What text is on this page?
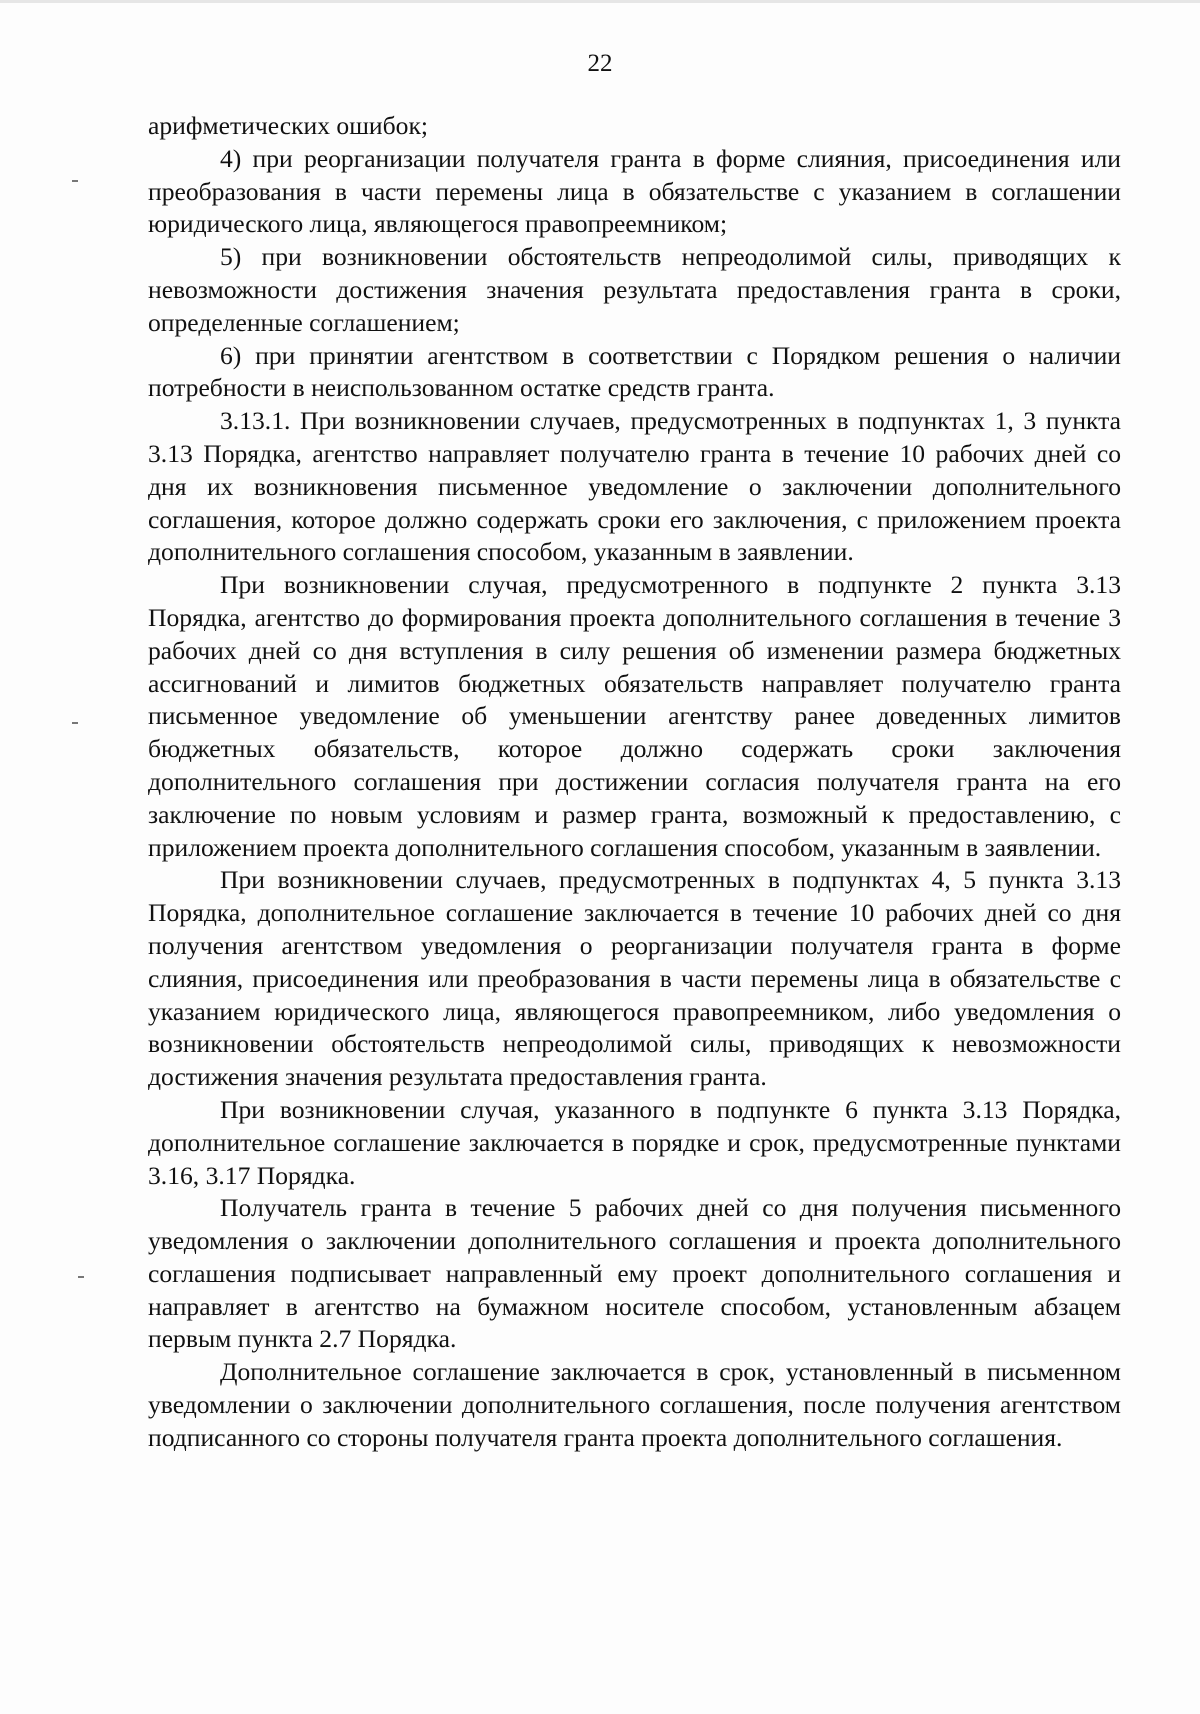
22

арифметических ошибок;

4) при реорганизации получателя гранта в форме слияния, присоединения или преобразования в части перемены лица в обязательстве с указанием в соглашении юридического лица, являющегося правопреемником;

5) при возникновении обстоятельств непреодолимой силы, приводящих к невозможности достижения значения результата предоставления гранта в сроки, определенные соглашением;

6) при принятии агентством в соответствии с Порядком решения о наличии потребности в неиспользованном остатке средств гранта.

3.13.1. При возникновении случаев, предусмотренных в подпунктах 1, 3 пункта 3.13 Порядка, агентство направляет получателю гранта в течение 10 рабочих дней со дня их возникновения письменное уведомление о заключении дополнительного соглашения, которое должно содержать сроки его заключения, с приложением проекта дополнительного соглашения способом, указанным в заявлении.

При возникновении случая, предусмотренного в подпункте 2 пункта 3.13 Порядка, агентство до формирования проекта дополнительного соглашения в течение 3 рабочих дней со дня вступления в силу решения об изменении размера бюджетных ассигнований и лимитов бюджетных обязательств направляет получателю гранта письменное уведомление об уменьшении агентству ранее доведенных лимитов бюджетных обязательств, которое должно содержать сроки заключения дополнительного соглашения при достижении согласия получателя гранта на его заключение по новым условиям и размер гранта, возможный к предоставлению, с приложением проекта дополнительного соглашения способом, указанным в заявлении.

При возникновении случаев, предусмотренных в подпунктах 4, 5 пункта 3.13 Порядка, дополнительное соглашение заключается в течение 10 рабочих дней со дня получения агентством уведомления о реорганизации получателя гранта в форме слияния, присоединения или преобразования в части перемены лица в обязательстве с указанием юридического лица, являющегося правопреемником, либо уведомления о возникновении обстоятельств непреодолимой силы, приводящих к невозможности достижения значения результата предоставления гранта.

При возникновении случая, указанного в подпункте 6 пункта 3.13 Порядка, дополнительное соглашение заключается в порядке и срок, предусмотренные пунктами 3.16, 3.17 Порядка.

Получатель гранта в течение 5 рабочих дней со дня получения письменного уведомления о заключении дополнительного соглашения и проекта дополнительного соглашения подписывает направленный ему проект дополнительного соглашения и направляет в агентство на бумажном носителе способом, установленным абзацем первым пункта 2.7 Порядка.

Дополнительное соглашение заключается в срок, установленный в письменном уведомлении о заключении дополнительного соглашения, после получения агентством подписанного со стороны получателя гранта проекта дополнительного соглашения.
